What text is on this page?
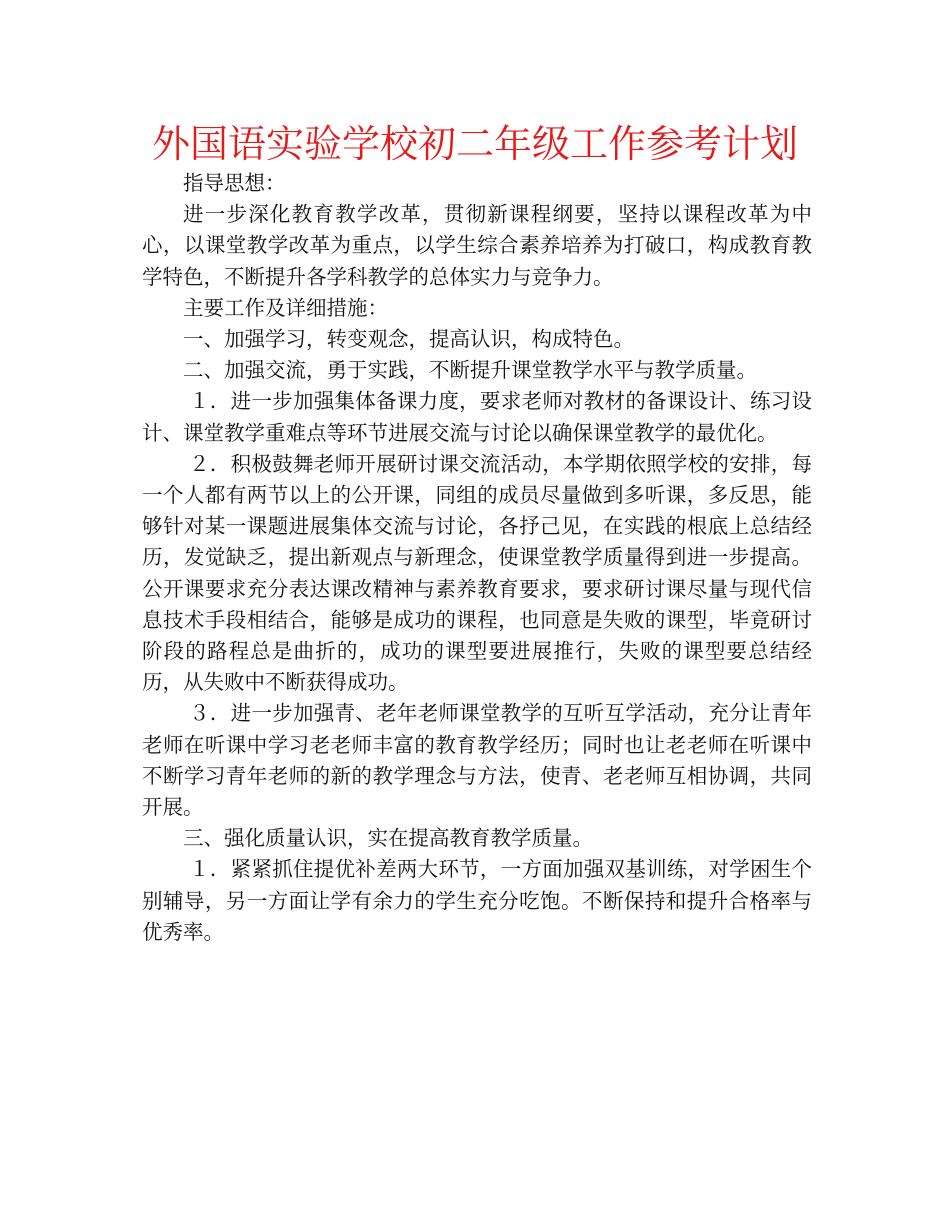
外国语实验学校初二年级工作参考计划

指导思想：

进一步深化教育教学改革，贯彻新课程纲要，坚持以课程改革为中心，以课堂教学改革为重点，以学生综合素养培养为打破口，构成教育教学特色，不断提升各学科教学的总体实力与竞争力。

主要工作及详细措施：

一、加强学习，转变观念，提高认识，构成特色。

二、加强交流，勇于实践，不断提升课堂教学水平与教学质量。

１．进一步加强集体备课力度，要求老师对教材的备课设计、练习设计、课堂教学重难点等环节进展交流与讨论以确保课堂教学的最优化。

２．积极鼓舞老师开展研讨课交流活动，本学期依照学校的安排，每一个人都有两节以上的公开课，同组的成员尽量做到多听课，多反思，能够针对某一课题进展集体交流与讨论，各抒己见，在实践的根底上总结经历，发觉缺乏，提出新观点与新理念，使课堂教学质量得到进一步提高。公开课要求充分表达课改精神与素养教育要求，要求研讨课尽量与现代信息技术手段相结合，能够是成功的课程，也同意是失败的课型，毕竟研讨阶段的路程总是曲折的，成功的课型要进展推行，失败的课型要总结经历，从失败中不断获得成功。

３．进一步加强青、老年老师课堂教学的互听互学活动，充分让青年老师在听课中学习老老师丰富的教育教学经历；同时也让老老师在听课中不断学习青年老师的新的教学理念与方法，使青、老老师互相协调，共同开展。

三、强化质量认识，实在提高教育教学质量。

１．紧紧抓住提优补差两大环节，一方面加强双基训练，对学困生个别辅导，另一方面让学有余力的学生充分吃饱。不断保持和提升合格率与优秀率。
